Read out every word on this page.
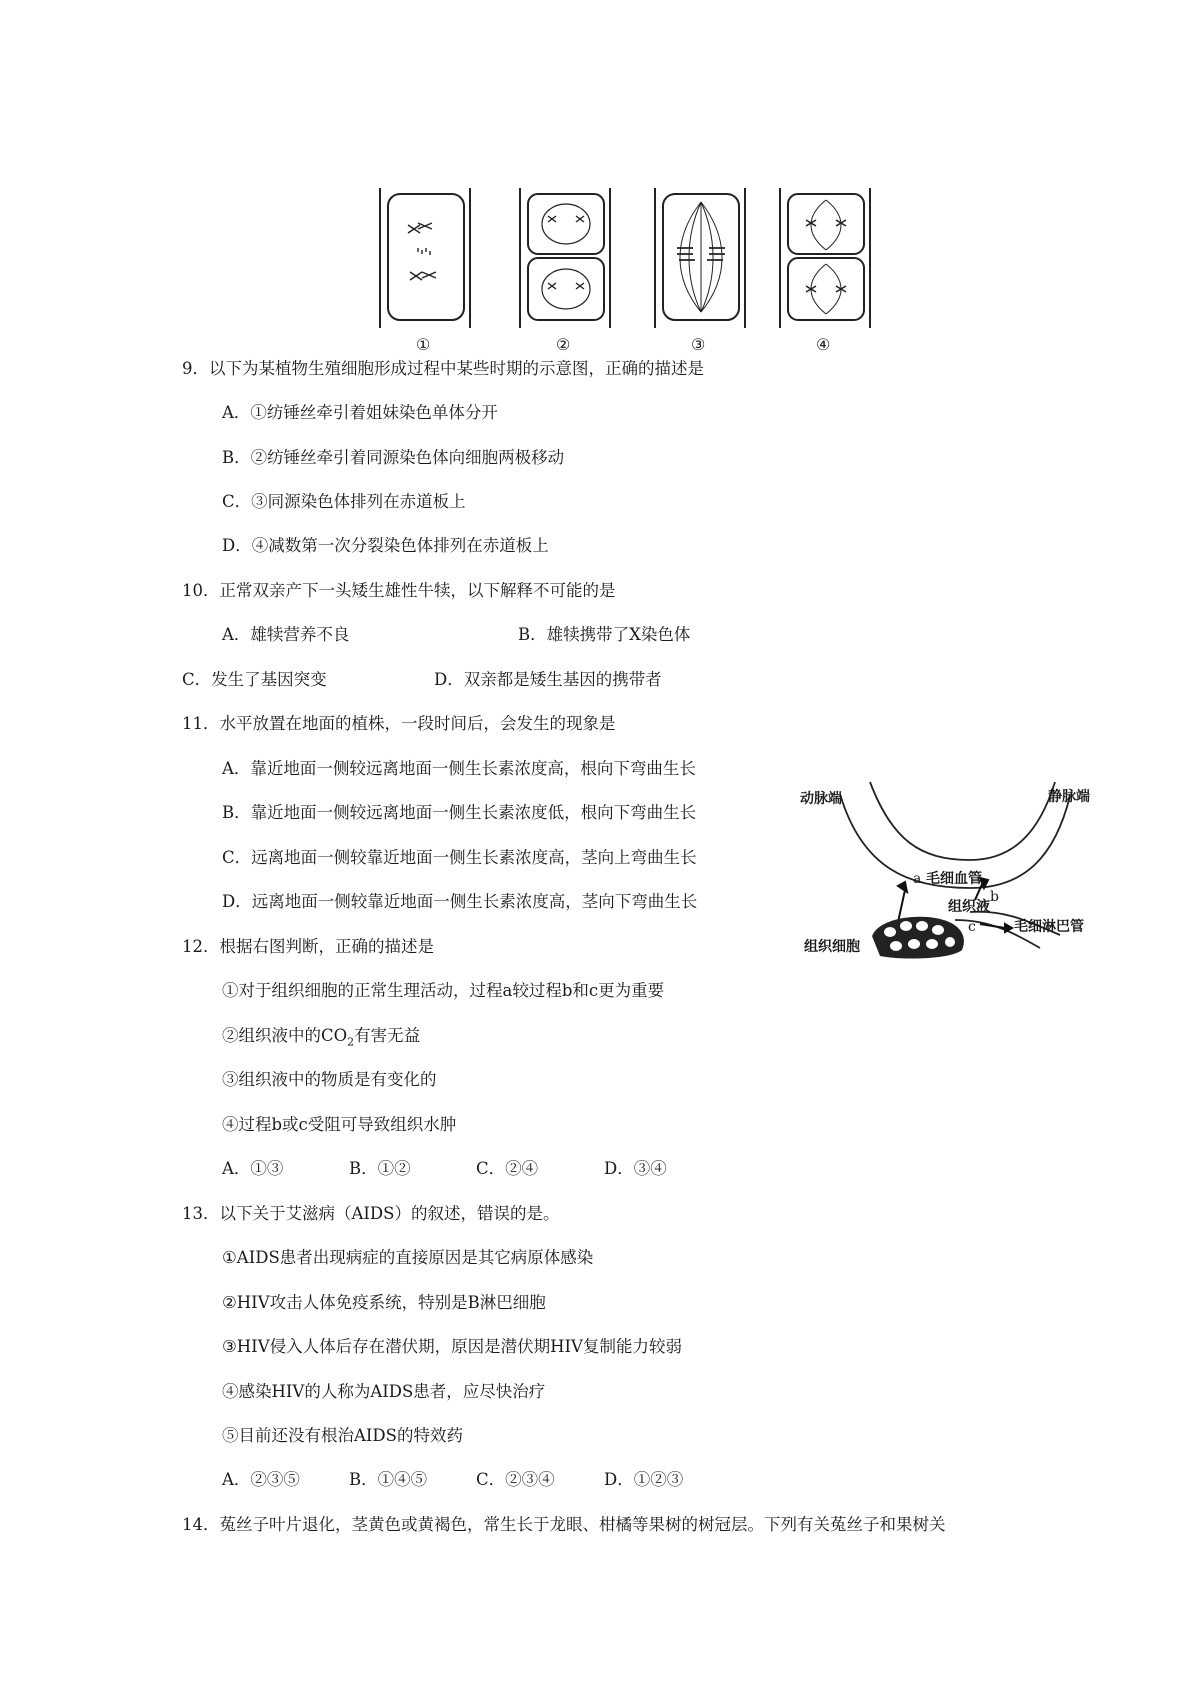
①	②	③	④
9．以下为某植物生殖细胞形成过程中某些时期的示意图，正确的描述是
A．①纺锤丝牵引着姐妹染色单体分开
B．②纺锤丝牵引着同源染色体向细胞两极移动
C．③同源染色体排列在赤道板上
D．④减数第一次分裂染色体排列在赤道板上
10．正常双亲产下一头矮生雄性牛犊，以下解释不可能的是
A．雄犊营养不良	B．雄犊携带了X染色体
C．发生了基因突变	D．双亲都是矮生基因的携带者
11．水平放置在地面的植株，一段时间后，会发生的现象是
A．靠近地面一侧较远离地面一侧生长素浓度高，根向下弯曲生长
B．靠近地面一侧较远离地面一侧生长素浓度低，根向下弯曲生长
C．远离地面一侧较靠近地面一侧生长素浓度高，茎向上弯曲生长
D．远离地面一侧较靠近地面一侧生长素浓度高，茎向下弯曲生长
动脉端	静脉端
a 毛细血管
b
组织液
c	毛细淋巴管
组织细胞
12．根据右图判断，正确的描述是
①对于组织细胞的正常生理活动，过程a较过程b和c更为重要
②组织液中的$CO_2$有害无益
③组织液中的物质是有变化的
④过程b或c受阻可导致组织水肿
A．①③	B．①②	C．②④	D．③④
13．以下关于艾滋病（AIDS）的叙述，错误的是。
①AIDS患者出现病症的直接原因是其它病原体感染
②HIV攻击人体免疫系统，特别是B淋巴细胞
③HIV侵入人体后存在潜伏期，原因是潜伏期HIV复制能力较弱
④感染HIV的人称为AIDS患者，应尽快治疗
⑤目前还没有根治AIDS的特效药
A．②③⑤	B．①④⑤	C．②③④	D．①②③
14．菟丝子叶片退化，茎黄色或黄褐色，常生长于龙眼、柑橘等果树的树冠层。下列有关菟丝子和果树关
